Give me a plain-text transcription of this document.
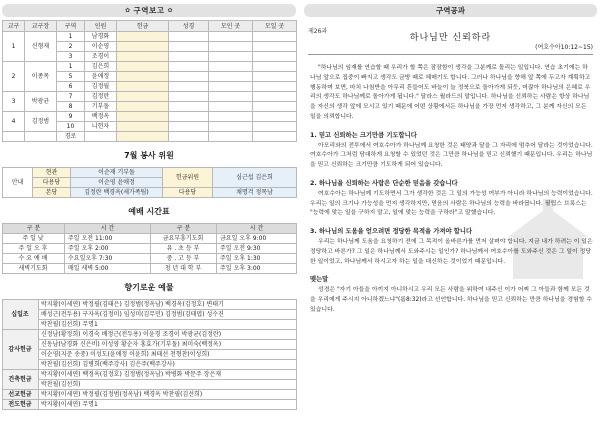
✿ 구역보고 ✿
교구	교구장	구역	인원	헌금	성경	모인 곳	모일 곳
1	신형재	1	남경화				
		2	이순영				
		3	조경이				
2	이종목	1	김은희				
		5	윤애정				
		6	김정월				
3	박광균	7	김정란				
		8	기부돌				
4	김정범	9	백정옥				
		10	니헌자				
		경로					
7월 봉사 위원
안내	현관	이순재 기부돌	헌금위원	심근섭 김은희
	다용당	이순영 윤애정		
	본당	김정란 백경옥(세가족팀)	다용당	채명걱 정목남
예배 시간표
구 분	시 간	구 분	시 간
주 일 낮	주일 오전 11:00	금요부흥기도회	금요일 오후 9:00
주 일 오 후	주일 오후 2:00	유 . 초 등 부	주일 오전 9:30
수 요 예 배	수요일오후 7:30	중 . 고 등 부	주일 오후 1:30
새벽기도회	매일 새벽 5:00	청 년 대 학 부	주일 오후 3:00
향기로운 예물
십일조	박지황(이세연) 박정필(김태은) 김정범(정옥남) 백경옥(김정호) 변태기
	배성근(전두용) 구자옥(김정미) 임성미(김무민) 김정범(김태엽) 성수진
	박찬필(김선희) 무명1
감사헌금	신정남(황정희) 이경숙 배정근(전두용) 이윤경 조경이 박광균(김정란)
	신동남(남경화 신은비) 이성영 황순자 홍효가(기부돌) 최미숙(백정옥)
	이순영(지준 송중) 이성도(윤애정 이윤희) 최태선 천형찬(이성희)
	박찬필(김선희) 김병희(백주강사) 김은주(백주강사)
건축헌금	박지황(이세연) 백정옥(김정호) 김정범(정옥남) 박병화 박문주 장은재
	박찬필(김선희)
선교헌금	박지황(이세연) 박정필(김정범(정옥남) 백경옥 박찬필(김선희)
전도헌금	박지황(이세연) 무명1
구역공과
제26과
하나님만 신뢰하라
(여호수아10:12~15)

"하나님의 임재를 연습할 때 우리가 할 쪽은 잠잠함이 생각을 그분께로 돌리는 일입니다. 연습 초기에는 하나님 앞으로 집중이 빠지고 생각도 금방 때로 헤매기도 합니다. 그러나 하나님을 향해 앞 쪽에 두고자 계획하고 행동하며 보면, 마치 나침반을 아무리 흔들어도 바늘이 늘 정북으로 돌아가게 되듯, 머잖아 하나님의 은혜로 우리의 생각도 하나님께로 돌아가게 됩니다." 달라스 윌라드의 말입니다. 하나님을 신뢰하는 사람은 항상 하나님을 자신의 생각 앞에 모시고 있기 때문에 어떤 상황에서든 하나님을 가장 먼저 생각하고, 그 분께 자신의 모든 일을 의뢰합니다.

1. 믿고 신뢰하는 크기만큼 기도합니다

아모리와의 전투에서 여호수아가 하나님께 요청한 것은 태양과 달을 그 자리에 멈추어 달라는 것이었습니다. 여호수아가 그처럼 담대하게 요청할 수 있었던 것은 그만큼 하나님을 믿고 신뢰했기 때문입니다. 우리는 하나님을 믿고 신뢰하는 크기만큼 기도하게 되어 있습니다.

2. 하나님을 신뢰하는 사람은 단순한 믿음을 갖습니다

여호수아는 하나님께 기도하면서 그가 생각한 것은 그 일의 가능성 여부가 아니라 하나님의 능력이었습니다. 우리는 일의 크기나 가능성을 먼저 생각하지만, 믿음의 사람은 하나님의 능력을 바라봅니다. 필립스 브룩스는 "능력에 맞는 일을 구하지 말고, 일에 맞는 능력을 구하라"고 말했습니다.

3. 하나님의 도움을 얻으려면 정당한 목적을 가져야 합니다

우리는 하나님께 도움을 요청하기 전에 그 목적이 올바른가를 먼저 살펴야 합니다. 지금 내가 하려는 이 일은 정당하고 바른가? 그 일은 하나님께서 도와주시는 일인가? 하나님께서 여호수아를 도와주신 것은 그 일이 정당한 일이었고, 하나님께서 하시고자 하는 일을 대신하는 것이었기 때문입니다.

맺는말

성경은 "자기 아들을 아끼지 아니하시고 우리 모든 사람을 위하여 내주신 이가 어찌 그 아들과 함께 모든 것을 우리에게 주시지 아니하겠느냐"(롬8:32)라고 선언합니다. 하나님을 믿고 신뢰하는 만큼 하나님을 경험할 수 있습니다.
